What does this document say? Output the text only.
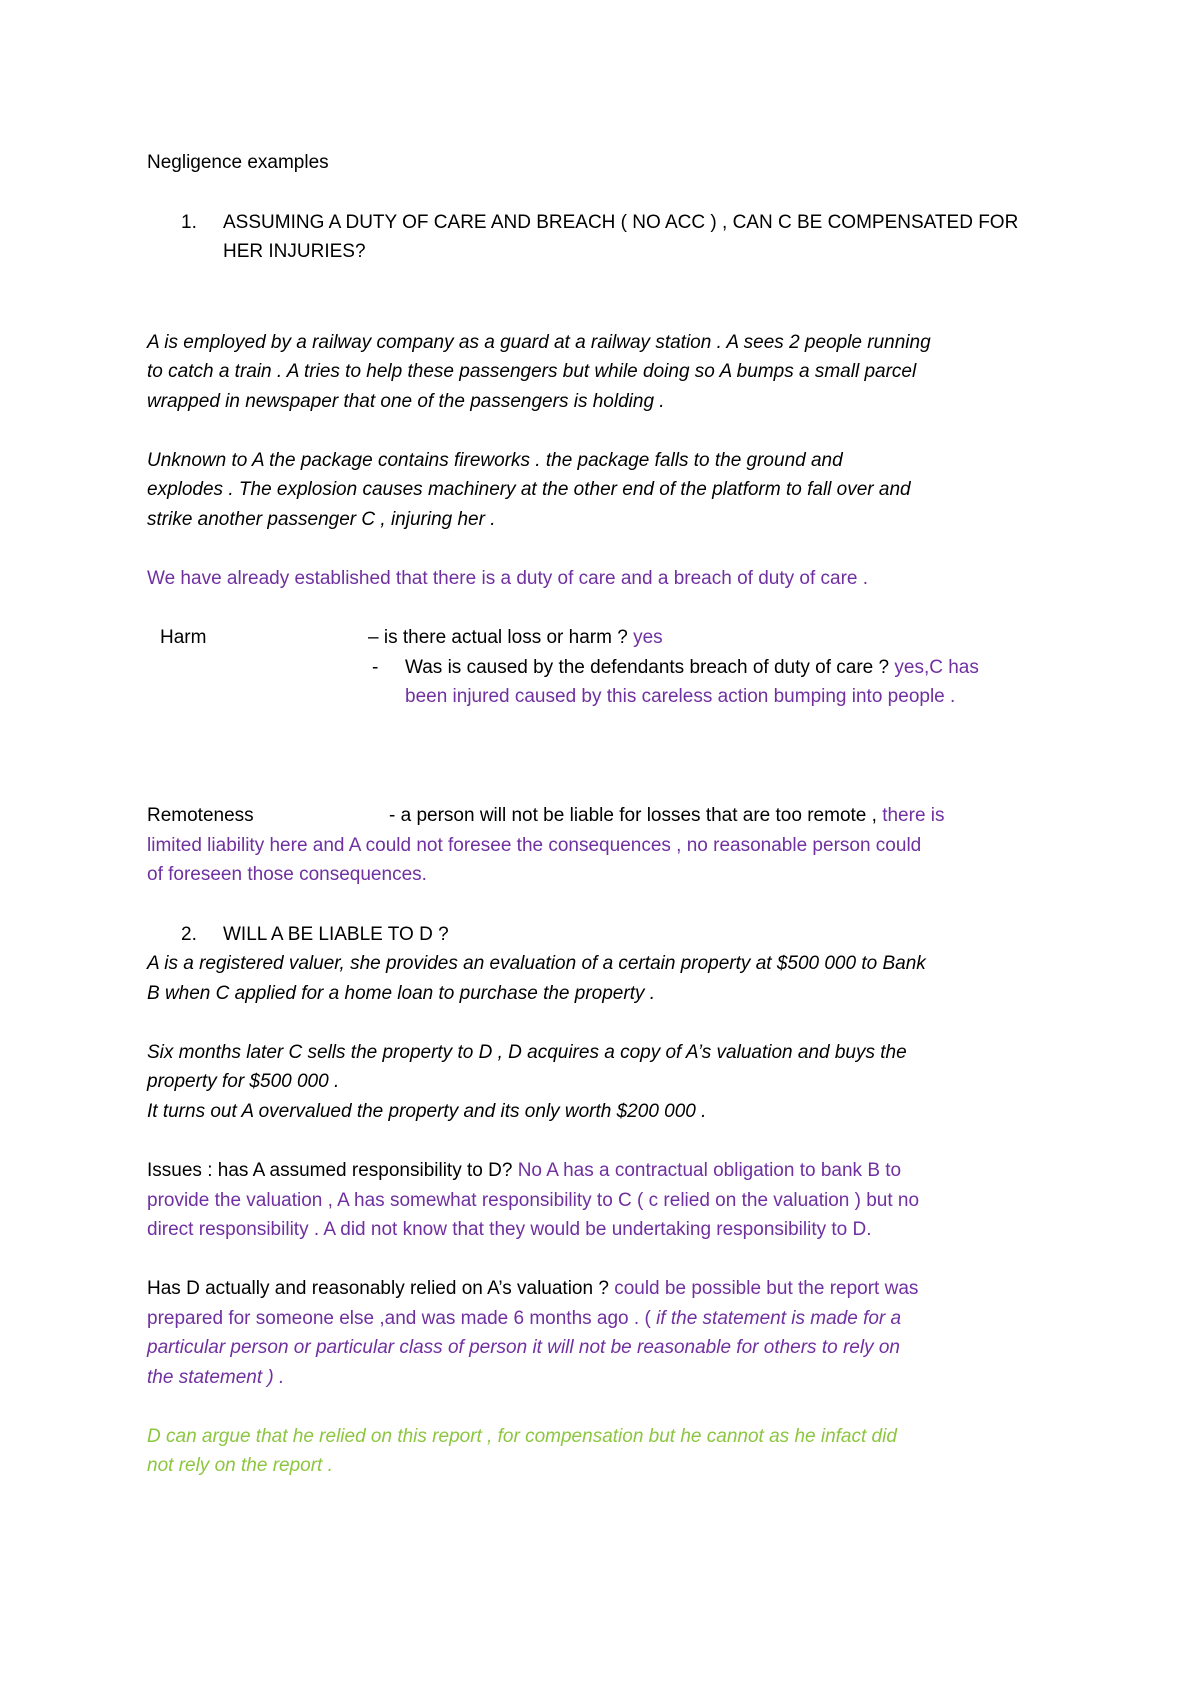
Negligence examples
1. ASSUMING A DUTY OF CARE AND BREACH ( NO ACC ) , CAN C BE COMPENSATED FOR
HER INJURIES?
A is employed by a railway company as a guard at a railway station . A sees 2 people running
to catch a train . A tries to help these passengers but while doing so A bumps a small parcel
wrapped in newspaper that one of the passengers is holding .
Unknown to A the package contains fireworks . the package falls to the ground and
explodes . The explosion causes machinery at the other end of the platform to fall over and
strike another passenger C , injuring her .
We have already established that there is a duty of care and a breach of duty of care .
Harm	– is there actual loss or harm ? yes
- Was is caused by the defendants breach of duty of care ? yes,C has
been injured caused by this careless action bumping into people .
Remoteness	- a person will not be liable for losses that are too remote , there is
limited liability here and A could not foresee the consequences , no reasonable person could
of foreseen those consequences.
2. WILL A BE LIABLE TO D ?
A is a registered valuer, she provides an evaluation of a certain property at $500 000 to Bank
B when C applied for a home loan to purchase the property .
Six months later C sells the property to D , D acquires a copy of A’s valuation and buys the
property for $500 000 .
It turns out A overvalued the property and its only worth $200 000 .
Issues : has A assumed responsibility to D? No A has a contractual obligation to bank B to
provide the valuation , A has somewhat responsibility to C ( c relied on the valuation ) but no
direct responsibility . A did not know that they would be undertaking responsibility to D.
Has D actually and reasonably relied on A’s valuation ? could be possible but the report was
prepared for someone else ,and was made 6 months ago . ( if the statement is made for a
particular person or particular class of person it will not be reasonable for others to rely on
the statement ) .
D can argue that he relied on this report , for compensation but he cannot as he infact did
not rely on the report .
